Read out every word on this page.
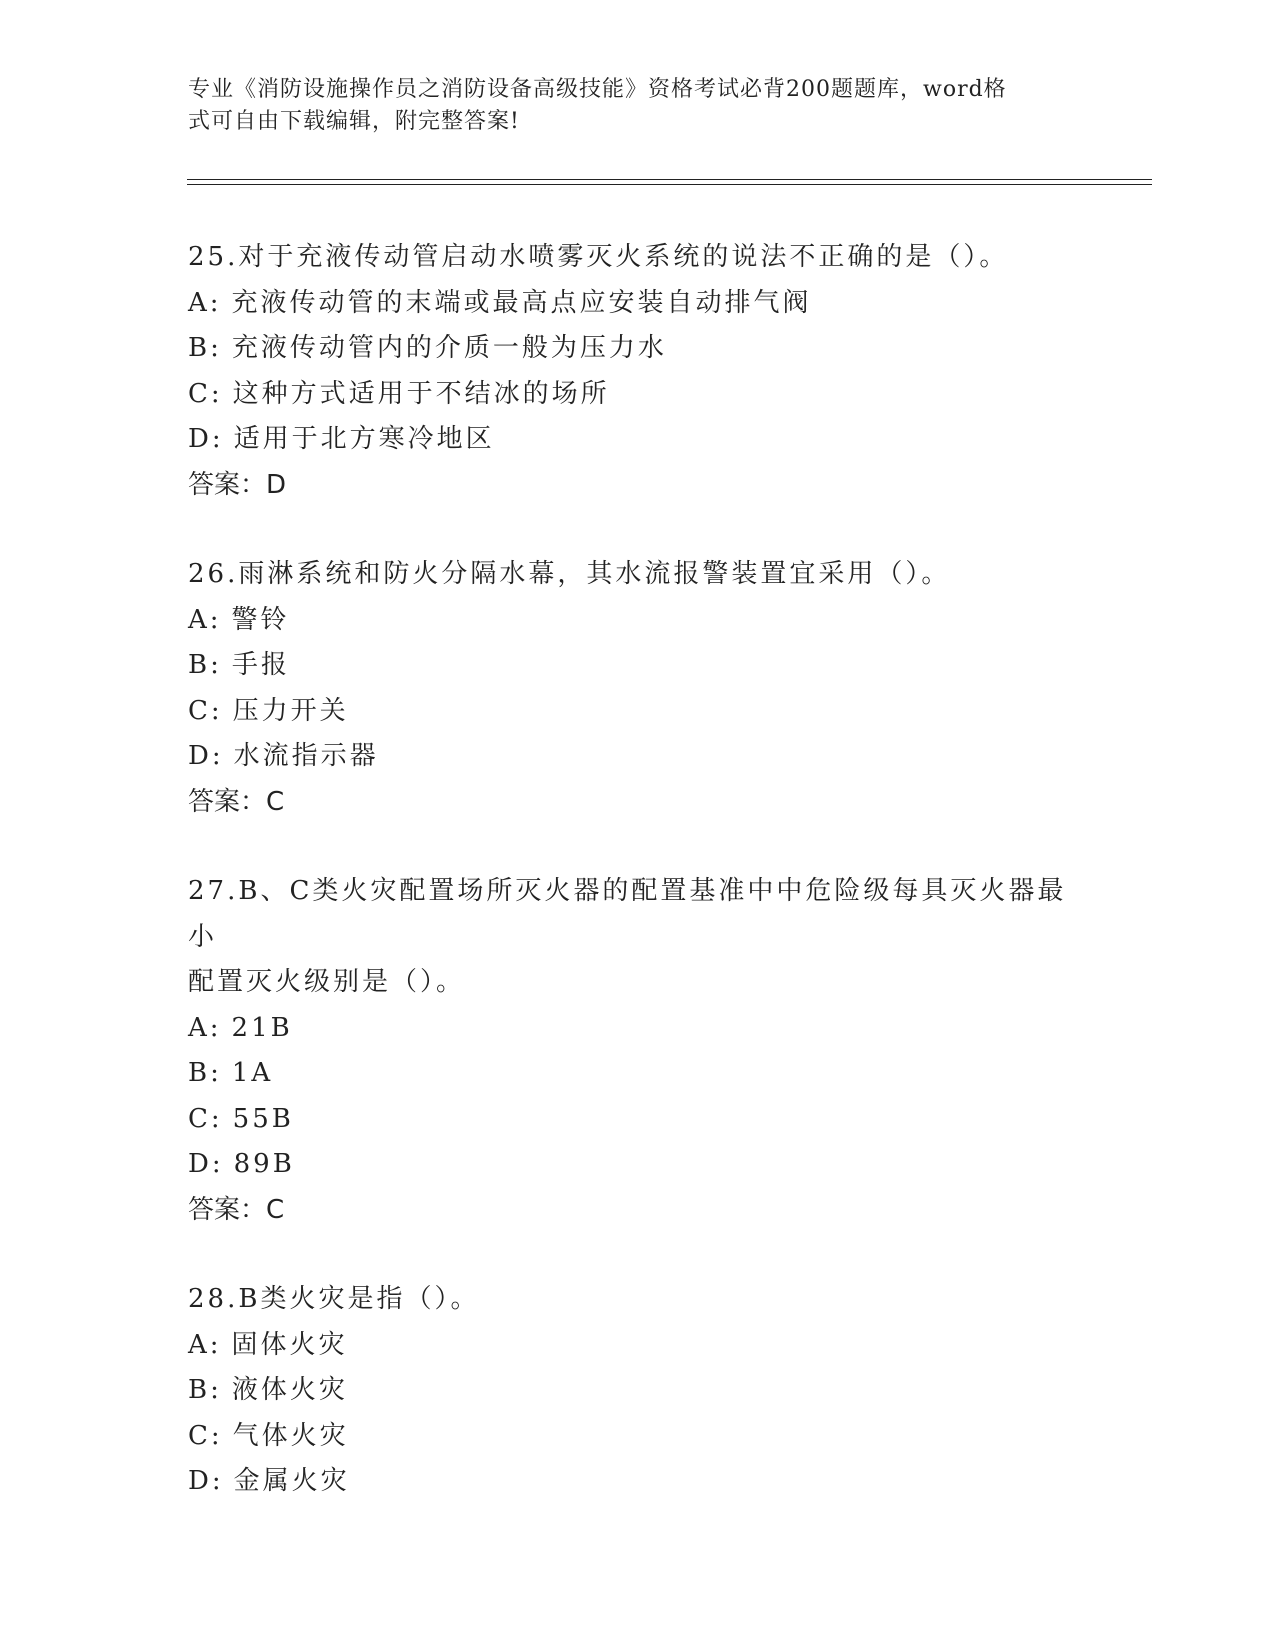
专业《消防设施操作员之消防设备高级技能》资格考试必背200题题库，word格
式可自由下载编辑，附完整答案!
25.对于充液传动管启动水喷雾灭火系统的说法不正确的是（）。
A: 充液传动管的末端或最高点应安装自动排气阀
B: 充液传动管内的介质一般为压力水
C: 这种方式适用于不结冰的场所
D: 适用于北方寒冷地区
答案：D
26.雨淋系统和防火分隔水幕，其水流报警装置宜采用（）。
A: 警铃
B: 手报
C: 压力开关
D: 水流指示器
答案：C
27.B、C类火灾配置场所灭火器的配置基准中中危险级每具灭火器最小
配置灭火级别是（）。
A: 21B
B: 1A
C: 55B
D: 89B
答案：C
28.B类火灾是指（）。
A: 固体火灾
B: 液体火灾
C: 气体火灾
D: 金属火灾
